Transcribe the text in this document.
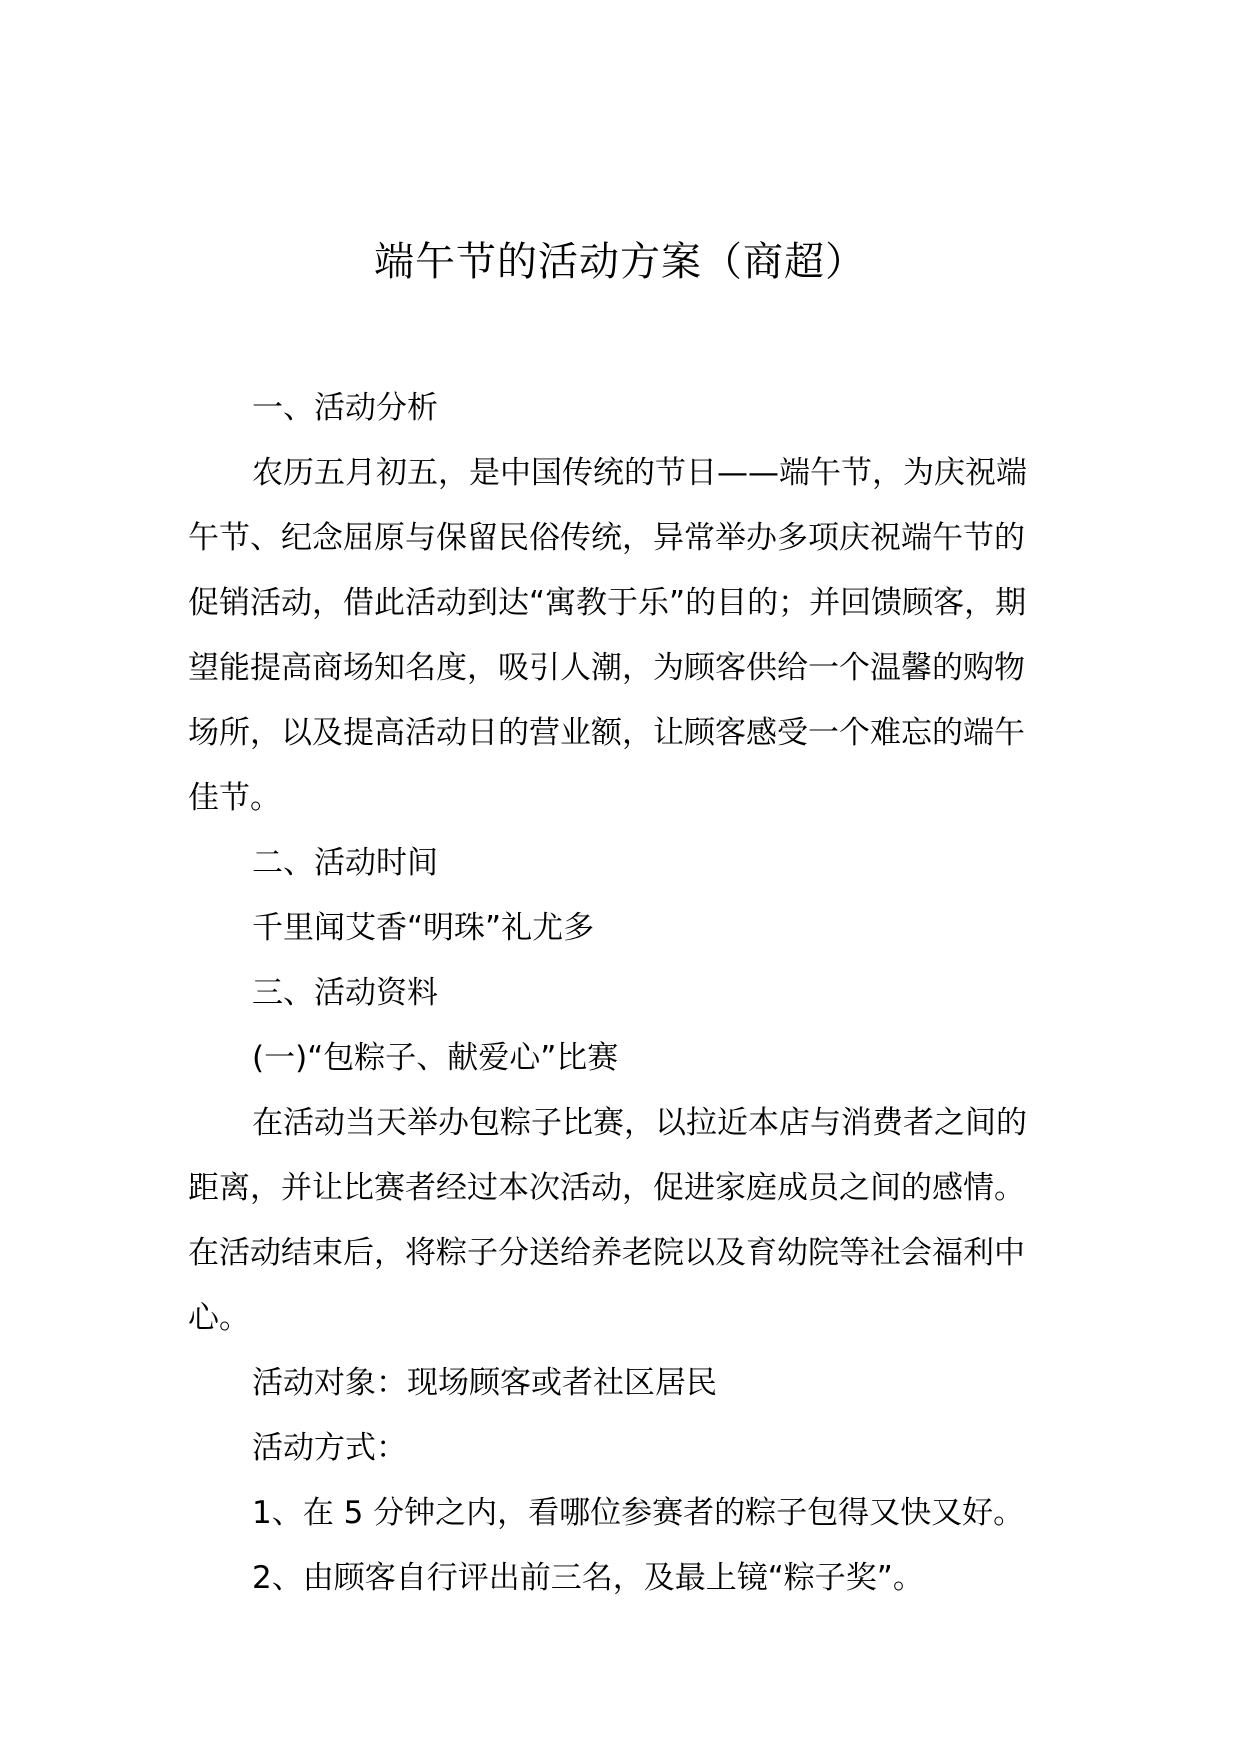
端午节的活动方案（商超）

一、活动分析

农历五月初五，是中国传统的节日——端午节，为庆祝端午节、纪念屈原与保留民俗传统，异常举办多项庆祝端午节的促销活动，借此活动到达“寓教于乐”的目的；并回馈顾客，期望能提高商场知名度，吸引人潮，为顾客供给一个温馨的购物场所，以及提高活动日的营业额，让顾客感受一个难忘的端午佳节。

二、活动时间

千里闻艾香“明珠”礼尤多

三、活动资料

(一)“包粽子、献爱心”比赛

在活动当天举办包粽子比赛，以拉近本店与消费者之间的距离，并让比赛者经过本次活动，促进家庭成员之间的感情。在活动结束后，将粽子分送给养老院以及育幼院等社会福利中心。

活动对象：现场顾客或者社区居民

活动方式：

1、在 5 分钟之内，看哪位参赛者的粽子包得又快又好。

2、由顾客自行评出前三名，及最上镜“粽子奖”。
